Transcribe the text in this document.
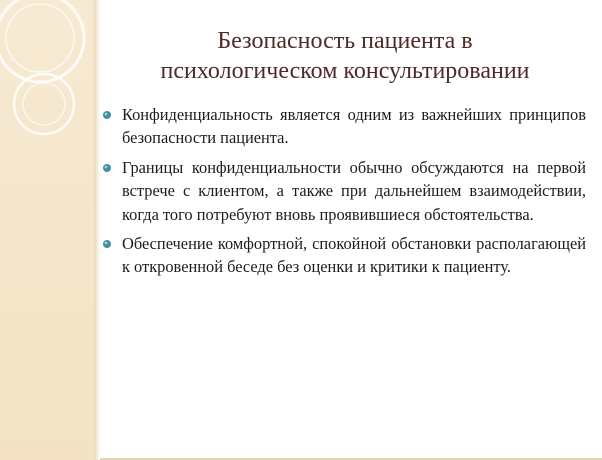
Безопасность пациента в
психологическом консультировании
Конфиденциальность является одним из важнейших принципов безопасности пациента.
Границы конфиденциальности обычно обсуждаются на первой встрече с клиентом, а также при дальнейшем взаимодействии, когда того потребуют вновь проявившиеся обстоятельства.
Обеспечение комфортной, спокойной обстановки располагающей к откровенной беседе без оценки и критики к пациенту.
